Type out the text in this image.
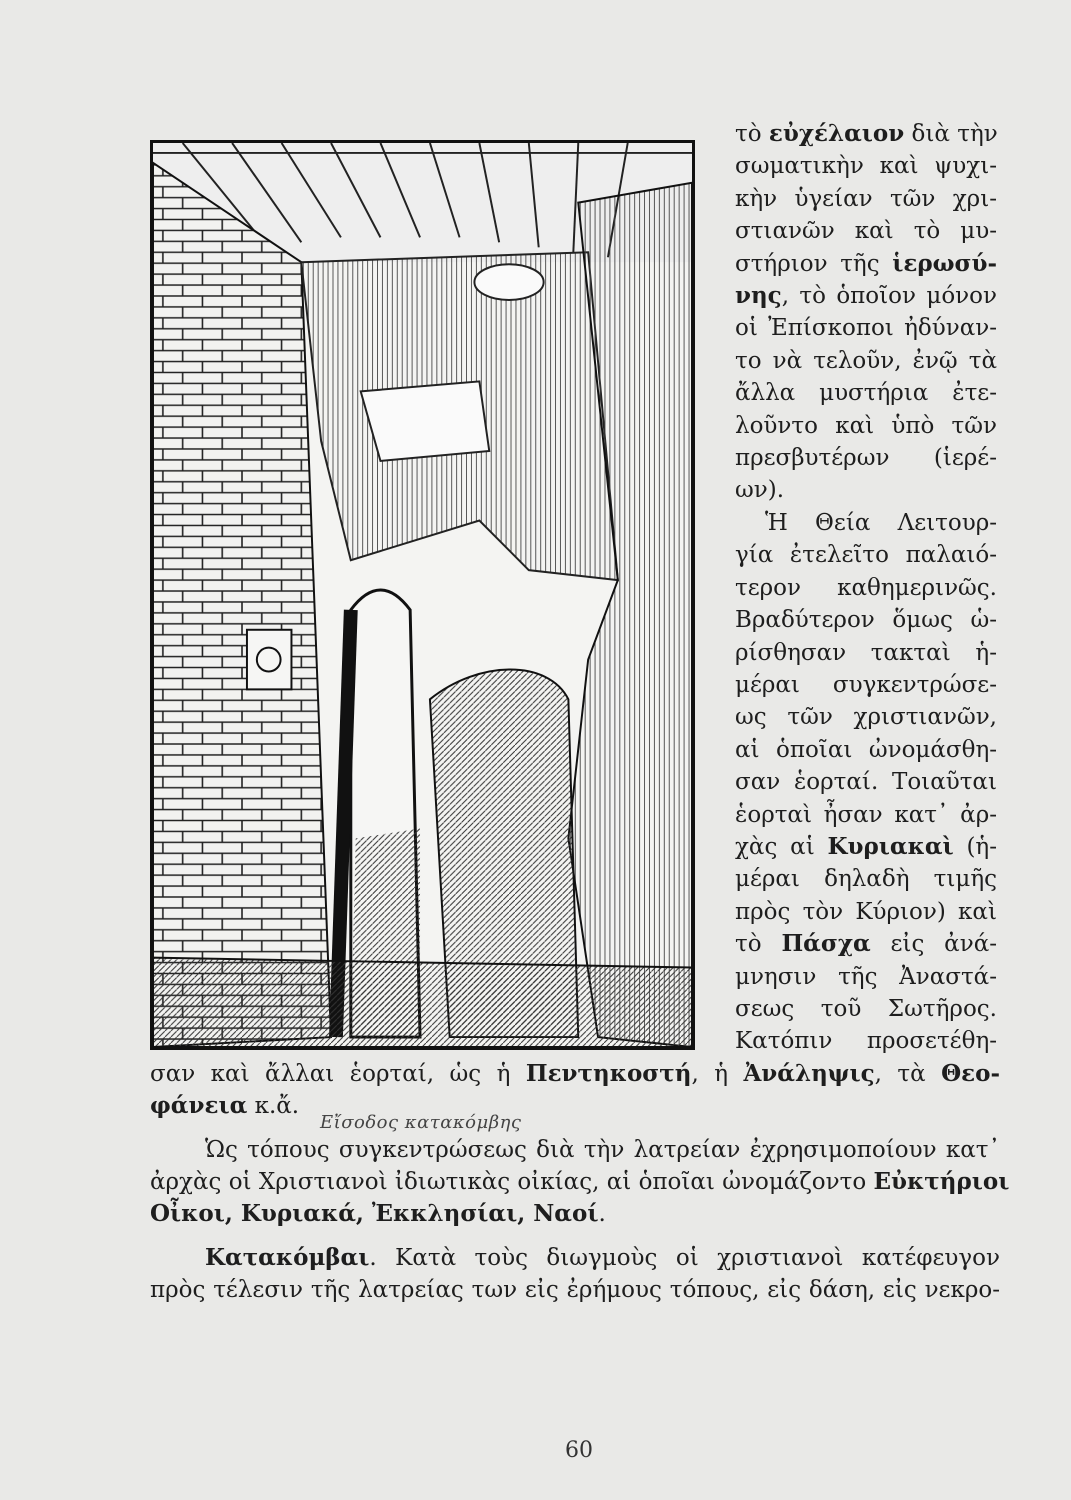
Εἴσοδος κατακόμβης
τὸ εὐχέλαιον διὰ τὴν
σωματικὴν καὶ ψυχι-
κὴν ὑγείαν τῶν χρι-
στιανῶν καὶ τὸ μυ-
στήριον τῆς ἱερωσύ-
νης, τὸ ὁποῖον μόνον
οἱ Ἐπίσκοποι ἠδύναν-
το νὰ τελοῦν, ἐνῷ τὰ
ἄλλα μυστήρια ἐτε-
λοῦντο καὶ ὑπὸ τῶν
πρεσβυτέρων (ἱερέ-
ων).
Ἡ Θεία Λειτουρ-
γία ἐτελεῖτο παλαιό-
τερον καθημερινῶς.
Βραδύτερον ὅμως ὡ-
ρίσθησαν τακταὶ ἡ-
μέραι συγκεντρώσε-
ως τῶν χριστιανῶν,
αἱ ὁποῖαι ὠνομάσθη-
σαν ἑορταί. Τοιαῦται
ἑορταὶ ἦσαν κατ᾽ ἀρ-
χὰς αἱ Κυριακαὶ (ἡ-
μέραι δηλαδὴ τιμῆς
πρὸς τὸν Κύριον) καὶ
τὸ Πάσχα εἰς ἀνά-
μνησιν τῆς Ἀναστά-
σεως τοῦ Σωτῆρος.
Κατόπιν προσετέθη-
σαν καὶ ἄλλαι ἑορταί, ὡς ἡ Πεντηκοστή, ἡ Ἀνάληψις, τὰ Θεο-
φάνεια κ.ἄ.
Ὡς τόπους συγκεντρώσεως διὰ τὴν λατρείαν ἐχρησιμοποίουν κατ᾽
ἀρχὰς οἱ Χριστιανοὶ ἰδιωτικὰς οἰκίας, αἱ ὁποῖαι ὠνομάζοντο Εὐκτήριοι
Οἶκοι, Κυριακά, Ἐκκλησίαι, Ναοί.
Κατακόμβαι. Κατὰ τοὺς διωγμοὺς οἱ χριστιανοὶ κατέφευγον
πρὸς τέλεσιν τῆς λατρείας των εἰς ἐρήμους τόπους, εἰς δάση, εἰς νεκρο-
60
